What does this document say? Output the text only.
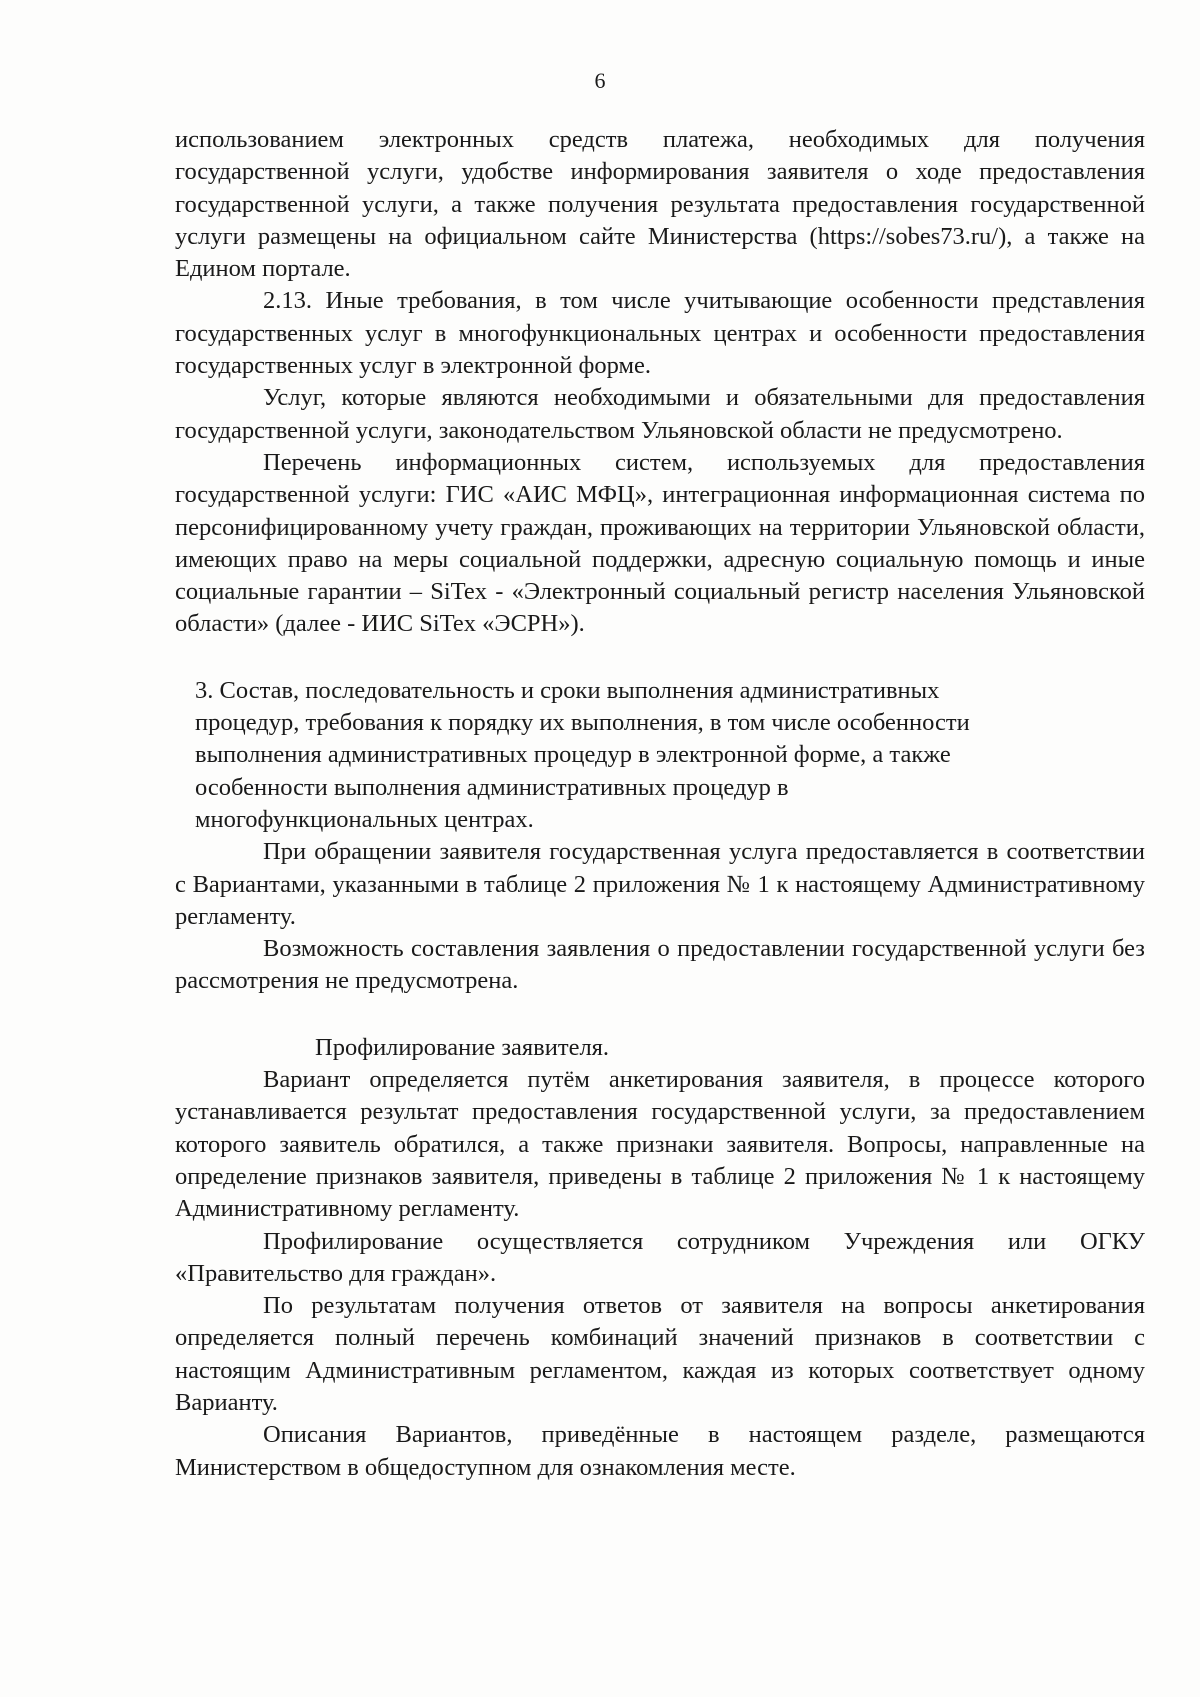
6

использованием электронных средств платежа, необходимых для получения государственной услуги, удобстве информирования заявителя о ходе предоставления государственной услуги, а также получения результата предоставления государственной услуги размещены на официальном сайте Министерства (https://sobes73.ru/), а также на Едином портале.

2.13. Иные требования, в том числе учитывающие особенности представления государственных услуг в многофункциональных центрах и особенности предоставления государственных услуг в электронной форме.

Услуг, которые являются необходимыми и обязательными для предоставления государственной услуги, законодательством Ульяновской области не предусмотрено.

Перечень информационных систем, используемых для предоставления государственной услуги: ГИС «АИС МФЦ», интеграционная информационная система по персонифицированному учету граждан, проживающих на территории Ульяновской области, имеющих право на меры социальной поддержки, адресную социальную помощь и иные социальные гарантии – SiTex - «Электронный социальный регистр населения Ульяновской области» (далее - ИИС SiTex «ЭСРН»).

3. Состав, последовательность и сроки выполнения административных
процедур, требования к порядку их выполнения, в том числе особенности
выполнения административных процедур в электронной форме, а также
особенности выполнения административных процедур в
многофункциональных центрах.

При обращении заявителя государственная услуга предоставляется в соответствии с Вариантами, указанными в таблице 2 приложения № 1 к настоящему Административному регламенту.

Возможность составления заявления о предоставлении государственной услуги без рассмотрения не предусмотрена.

Профилирование заявителя.

Вариант определяется путём анкетирования заявителя, в процессе которого устанавливается результат предоставления государственной услуги, за предоставлением которого заявитель обратился, а также признаки заявителя. Вопросы, направленные на определение признаков заявителя, приведены в таблице 2 приложения № 1 к настоящему Административному регламенту.

Профилирование осуществляется сотрудником Учреждения или ОГКУ «Правительство для граждан».

По результатам получения ответов от заявителя на вопросы анкетирования определяется полный перечень комбинаций значений признаков в соответствии с настоящим Административным регламентом, каждая из которых соответствует одному Варианту.

Описания Вариантов, приведённые в настоящем разделе, размещаются Министерством в общедоступном для ознакомления месте.
